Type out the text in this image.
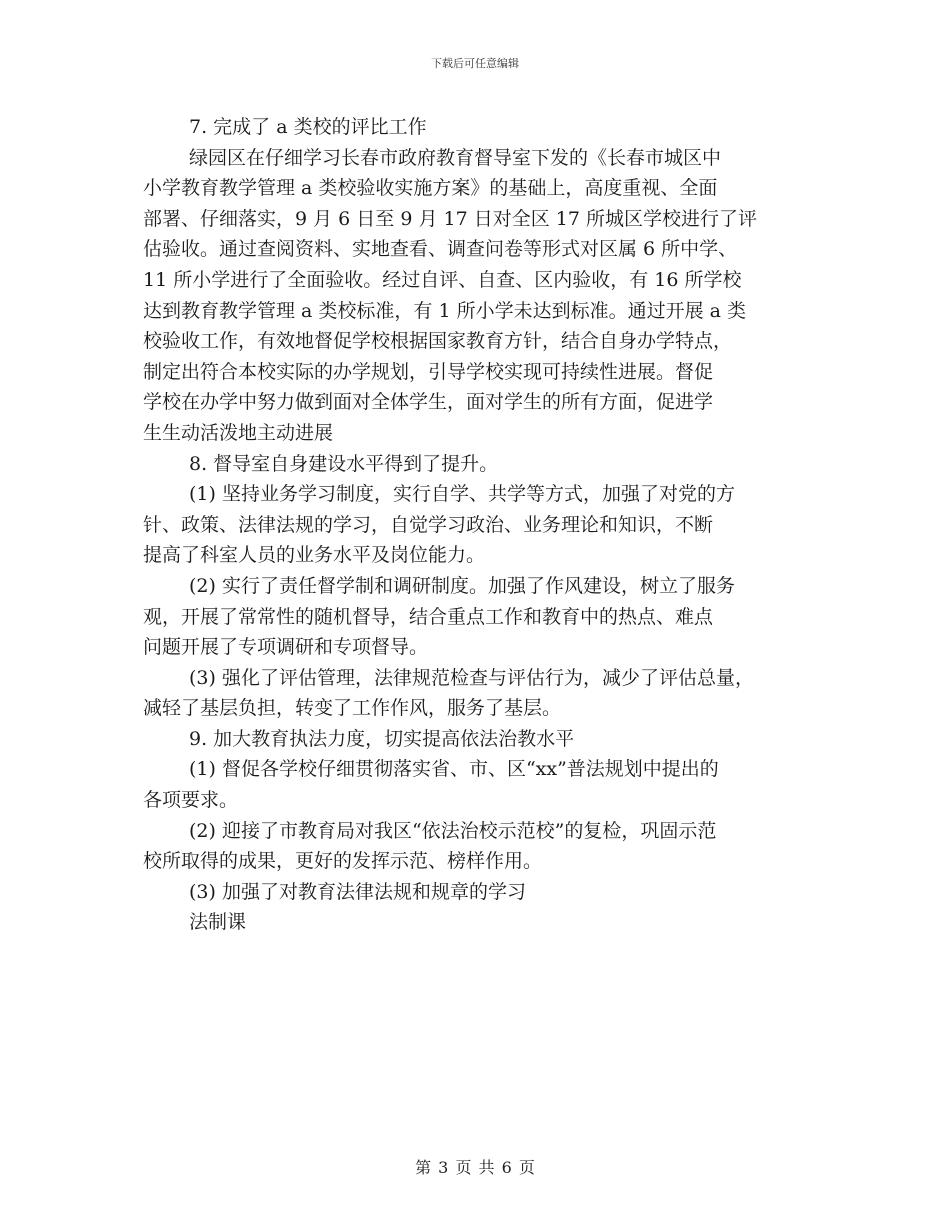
下载后可任意编辑
7. 完成了 a 类校的评比工作
绿园区在仔细学习长春市政府教育督导室下发的《长春市城区中
小学教育教学管理 a 类校验收实施方案》的基础上，高度重视、全面
部署、仔细落实，9 月 6 日至 9 月 17 日对全区 17 所城区学校进行了评
估验收。通过查阅资料、实地查看、调查问卷等形式对区属 6 所中学、
11 所小学进行了全面验收。经过自评、自查、区内验收，有 16 所学校
达到教育教学管理 a 类校标准，有 1 所小学未达到标准。通过开展 a 类
校验收工作，有效地督促学校根据国家教育方针，结合自身办学特点，
制定出符合本校实际的办学规划，引导学校实现可持续性进展。督促
学校在办学中努力做到面对全体学生，面对学生的所有方面，促进学
生生动活泼地主动进展
8. 督导室自身建设水平得到了提升。
(1) 坚持业务学习制度，实行自学、共学等方式，加强了对党的方
针、政策、法律法规的学习，自觉学习政治、业务理论和知识，不断
提高了科室人员的业务水平及岗位能力。
(2) 实行了责任督学制和调研制度。加强了作风建设，树立了服务
观，开展了常常性的随机督导，结合重点工作和教育中的热点、难点
问题开展了专项调研和专项督导。
(3) 强化了评估管理，法律规范检查与评估行为，减少了评估总量，
减轻了基层负担，转变了工作作风，服务了基层。
9. 加大教育执法力度，切实提高依法治教水平
(1) 督促各学校仔细贯彻落实省、市、区“xx”普法规划中提出的
各项要求。
(2) 迎接了市教育局对我区“依法治校示范校”的复检，巩固示范
校所取得的成果，更好的发挥示范、榜样作用。
(3) 加强了对教育法律法规和规章的学习
法制课
第 3 页 共 6 页
